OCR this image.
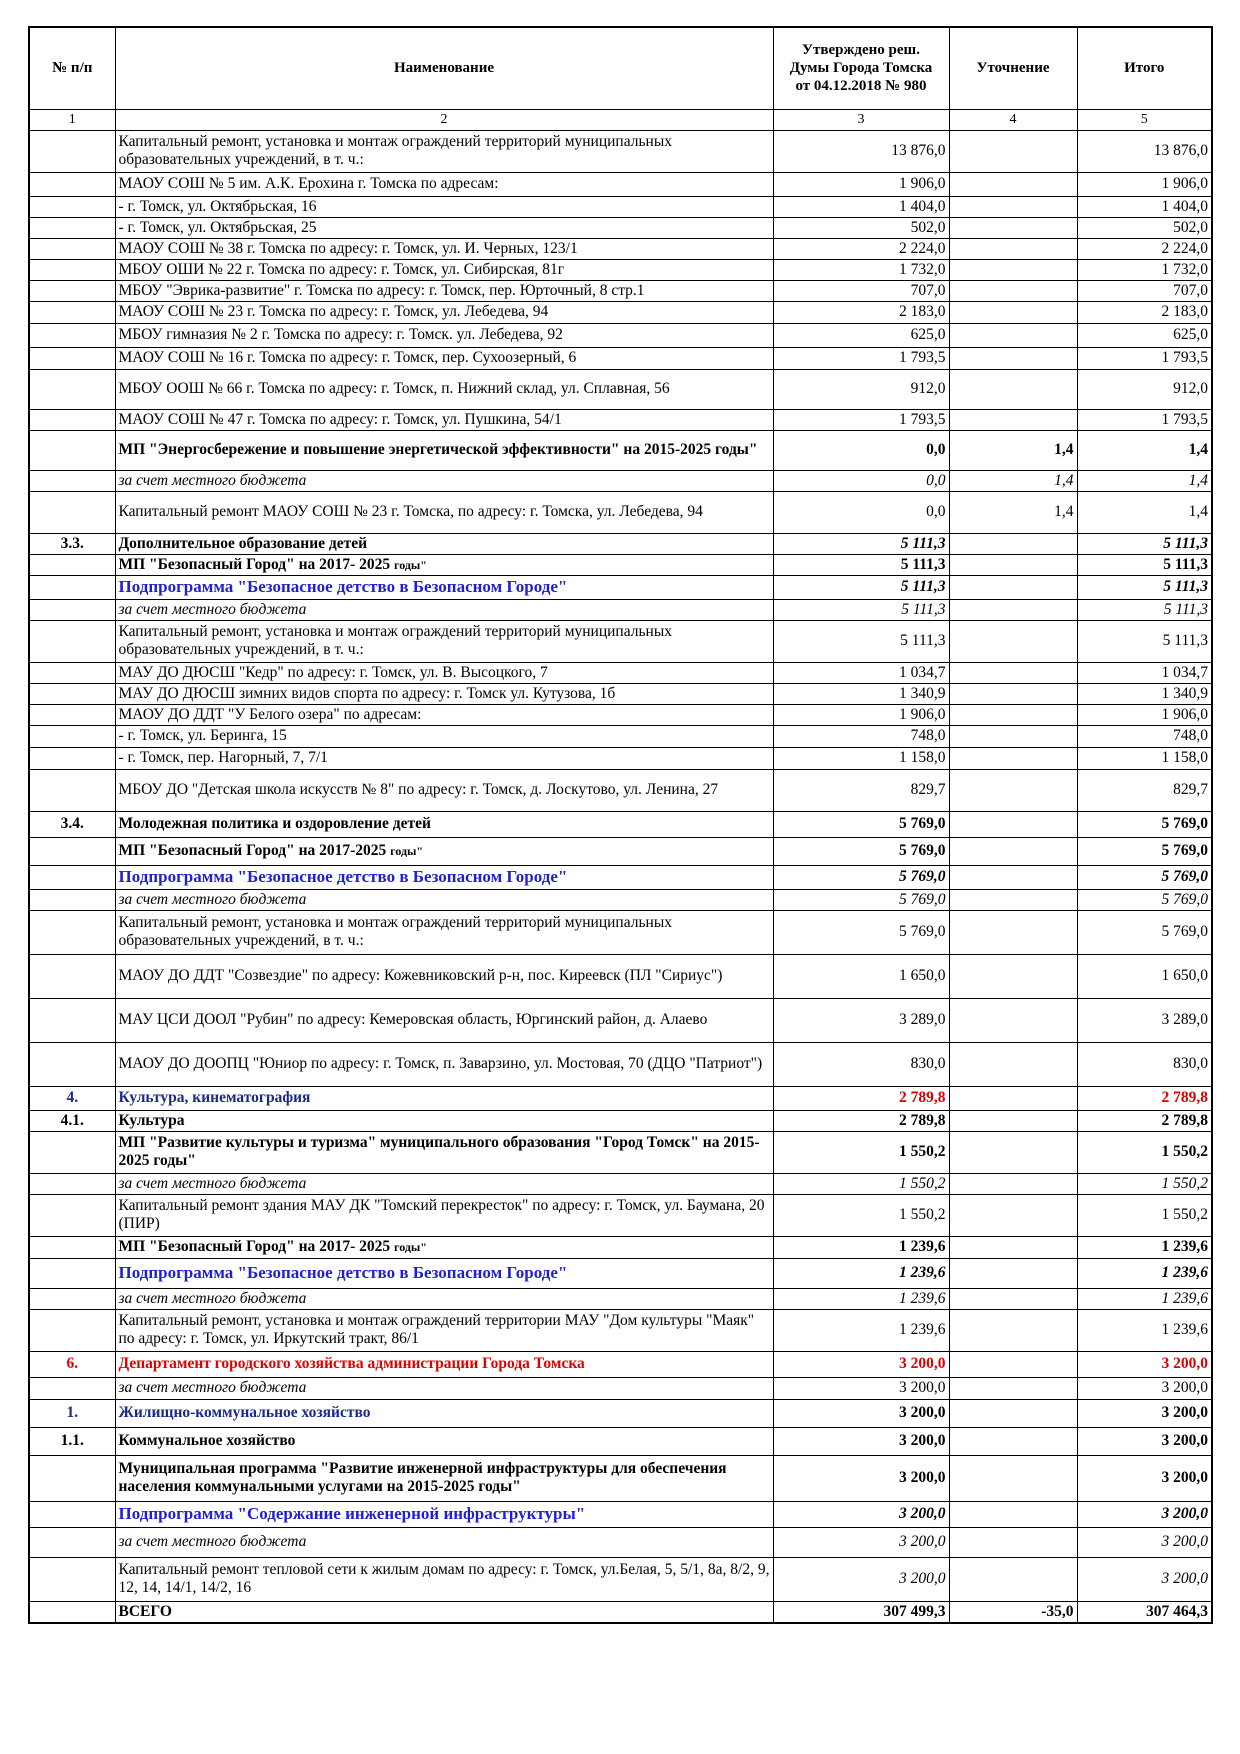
№ п/п	Наименование	Утверждено реш.
Думы Города Томска
от 04.12.2018 № 980	Уточнение	Итого
1	2	3	4	5
	Капитальный ремонт, установка и монтаж ограждений территорий муниципальных образовательных учреждений, в т. ч.:	13 876,0		13 876,0
	МАОУ СОШ № 5 им. А.К. Ерохина г. Томска по адресам:	1 906,0		1 906,0
	- г. Томск, ул. Октябрьская, 16	1 404,0		1 404,0
	- г. Томск, ул. Октябрьская, 25	502,0		502,0
	МАОУ СОШ № 38 г. Томска по адресу: г. Томск, ул. И. Черных, 123/1	2 224,0		2 224,0
	МБОУ ОШИ № 22 г. Томска по адресу: г. Томск, ул. Сибирская, 81г	1 732,0		1 732,0
	МБОУ "Эврика-развитие" г. Томска по адресу: г. Томск, пер. Юрточный, 8 стр.1	707,0		707,0
	МАОУ СОШ № 23 г. Томска по адресу: г. Томск, ул. Лебедева, 94	2 183,0		2 183,0
	МБОУ гимназия № 2 г. Томска по адресу: г. Томск. ул. Лебедева, 92	625,0		625,0
	МАОУ СОШ № 16 г. Томска по адресу: г. Томск, пер. Сухоозерный, 6	1 793,5		1 793,5
	МБОУ ООШ № 66 г. Томска по адресу: г. Томск, п. Нижний склад, ул. Сплавная, 56	912,0		912,0
	МАОУ СОШ № 47 г. Томска по адресу: г. Томск, ул. Пушкина, 54/1	1 793,5		1 793,5
	МП "Энергосбережение и повышение энергетической эффективности" на 2015-2025 годы"	0,0	1,4	1,4
	за счет местного бюджета	0,0	1,4	1,4
	Капитальный ремонт МАОУ СОШ № 23 г. Томска, по адресу: г. Томска, ул. Лебедева, 94	0,0	1,4	1,4
3.3.	Дополнительное образование детей	5 111,3		5 111,3
	МП "Безопасный Город" на 2017- 2025 годы"	5 111,3		5 111,3
	Подпрограмма "Безопасное детство в Безопасном Городе"	5 111,3		5 111,3
	за счет местного бюджета	5 111,3		5 111,3
	Капитальный ремонт, установка и монтаж ограждений территорий муниципальных образовательных учреждений, в т. ч.:	5 111,3		5 111,3
	МАУ ДО ДЮСШ "Кедр" по адресу: г. Томск, ул. В. Высоцкого, 7	1 034,7		1 034,7
	МАУ ДО ДЮСШ зимних видов спорта по адресу: г. Томск ул. Кутузова, 1б	1 340,9		1 340,9
	МАОУ ДО ДДТ "У Белого озера" по адресам:	1 906,0		1 906,0
	- г. Томск, ул. Беринга, 15	748,0		748,0
	- г. Томск, пер. Нагорный, 7, 7/1	1 158,0		1 158,0
	МБОУ ДО "Детская школа искусств № 8" по адресу: г. Томск, д. Лоскутово, ул. Ленина, 27	829,7		829,7
3.4.	Молодежная политика и оздоровление детей	5 769,0		5 769,0
	МП "Безопасный Город" на 2017-2025 годы"	5 769,0		5 769,0
	Подпрограмма "Безопасное детство в Безопасном Городе"	5 769,0		5 769,0
	за счет местного бюджета	5 769,0		5 769,0
	Капитальный ремонт, установка и монтаж ограждений территорий муниципальных образовательных учреждений, в т. ч.:	5 769,0		5 769,0
	МАОУ ДО ДДТ "Созвездие" по адресу: Кожевниковский р-н, пос. Киреевск (ПЛ "Сириус")	1 650,0		1 650,0
	МАУ ЦСИ ДООЛ "Рубин" по адресу: Кемеровская область, Юргинский район, д. Алаево	3 289,0		3 289,0
	МАОУ ДО ДООПЦ "Юниор по адресу: г. Томск, п. Заварзино, ул. Мостовая, 70 (ДЦО "Патриот")	830,0		830,0
4.	Культура, кинематография	2 789,8		2 789,8
4.1.	Культура	2 789,8		2 789,8
	МП "Развитие культуры и туризма" муниципального образования "Город Томск" на 2015-2025 годы"	1 550,2		1 550,2
	за счет местного бюджета	1 550,2		1 550,2
	Капитальный ремонт здания МАУ ДК "Томский перекресток" по адресу: г. Томск, ул. Баумана, 20 (ПИР)	1 550,2		1 550,2
	МП "Безопасный Город" на 2017- 2025 годы"	1 239,6		1 239,6
	Подпрограмма "Безопасное детство в Безопасном Городе"	1 239,6		1 239,6
	за счет местного бюджета	1 239,6		1 239,6
	Капитальный ремонт, установка и монтаж ограждений территории МАУ "Дом культуры "Маяк" по адресу: г. Томск, ул. Иркутский тракт, 86/1	1 239,6		1 239,6
6.	Департамент городского хозяйства администрации Города Томска	3 200,0		3 200,0
	за счет местного бюджета	3 200,0		3 200,0
1.	Жилищно-коммунальное хозяйство	3 200,0		3 200,0
1.1.	Коммунальное хозяйство	3 200,0		3 200,0
	Муниципальная программа "Развитие инженерной инфраструктуры для обеспечения населения коммунальными услугами на 2015-2025 годы"	3 200,0		3 200,0
	Подпрограмма "Содержание инженерной инфраструктуры"	3 200,0		3 200,0
	за счет местного бюджета	3 200,0		3 200,0
	Капитальный ремонт тепловой сети к жилым домам по адресу: г. Томск, ул.Белая, 5, 5/1, 8а, 8/2, 9, 12, 14, 14/1, 14/2, 16	3 200,0		3 200,0
	ВСЕГО	307 499,3	-35,0	307 464,3
